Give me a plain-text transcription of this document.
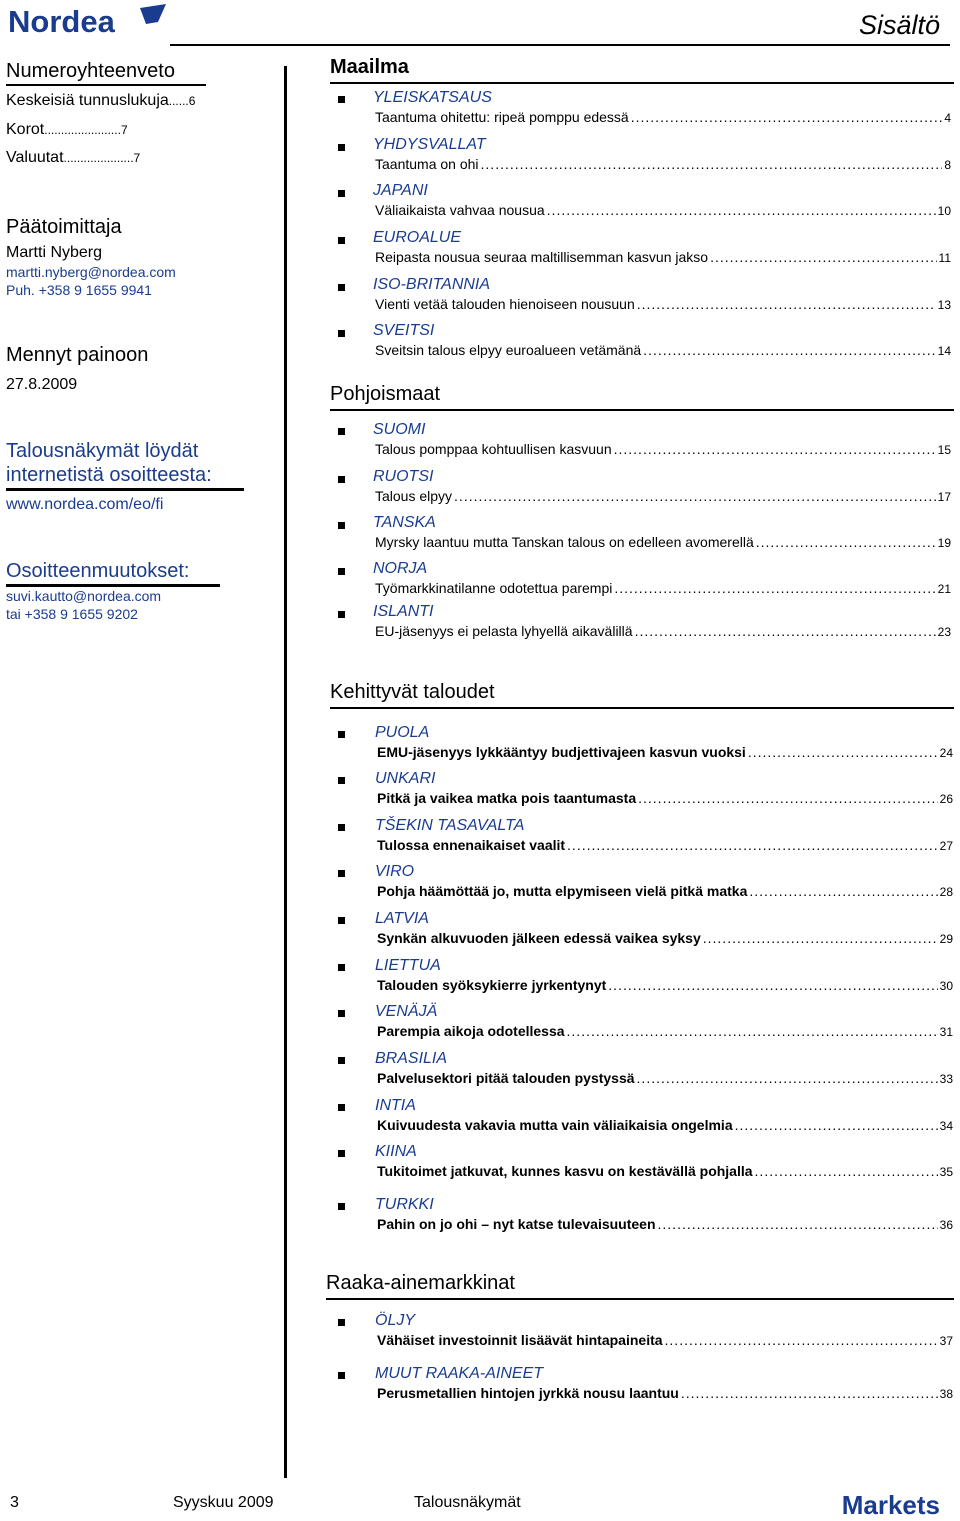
Nordea	Sisältö
Numeroyhteenveto
Keskeisiä tunnuslukuja......6
Korot.......................7
Valuutat.....................7
Päätoimittaja
Martti Nyberg
martti.nyberg@nordea.com
Puh. +358 9 1655 9941
Mennyt painoon
27.8.2009
Talousnäkymät löydät
internetistä osoitteesta:
www.nordea.com/eo/fi
Osoitteenmuutokset:
suvi.kautto@nordea.com
tai +358 9 1655 9202
Maailma
YLEISKATSAUS
Taantuma ohitettu: ripeä pomppu edessä .....	4
YHDYSVALLAT
Taantuma on ohi .....	8
JAPANI
Väliaikaista vahvaa nousua .....	10
EUROALUE
Reipasta nousua seuraa maltillisemman kasvun jakso .....	11
ISO-BRITANNIA
Vienti vetää talouden hienoiseen nousuun .....	13
SVEITSI
Sveitsin talous elpyy euroalueen vetämänä .....	14
Pohjoismaat
SUOMI
Talous pomppaa kohtuullisen kasvuun .....	15
RUOTSI
Talous elpyy .....	17
TANSKA
Myrsky laantuu mutta Tanskan talous on edelleen avomerellä .....	19
NORJA
Työmarkkinatilanne odotettua parempi .....	21
ISLANTI
EU-jäsenyys ei pelasta lyhyellä aikavälillä .....	23
Kehittyvät taloudet
PUOLA
EMU-jäsenyys lykkääntyy budjettivajeen kasvun vuoksi .....	24
UNKARI
Pitkä ja vaikea matka pois taantumasta .....	26
TŠEKIN TASAVALTA
Tulossa ennenaikaiset vaalit .....	27
VIRO
Pohja häämöttää jo, mutta elpymiseen vielä pitkä matka .....	28
LATVIA
Synkän alkuvuoden jälkeen edessä vaikea syksy .....	29
LIETTUA
Talouden syöksykierre jyrkentynyt .....	30
VENÄJÄ
Parempia aikoja odotellessa .....	31
BRASILIA
Palvelusektori pitää talouden pystyssä .....	33
INTIA
Kuivuudesta vakavia mutta vain väliaikaisia ongelmia .....	34
KIINA
Tukitoimet jatkuvat, kunnes kasvu on kestävällä pohjalla .....	35
TURKKI
Pahin on jo ohi – nyt katse tulevaisuuteen .....	36
Raaka-ainemarkkinat
ÖLJY
Vähäiset investoinnit lisäävät hintapaineita .....	37
MUUT RAAKA-AINEET
Perusmetallien hintojen jyrkkä nousu laantuu .....	38
3	Syyskuu 2009	Talousnäkymät	Markets
